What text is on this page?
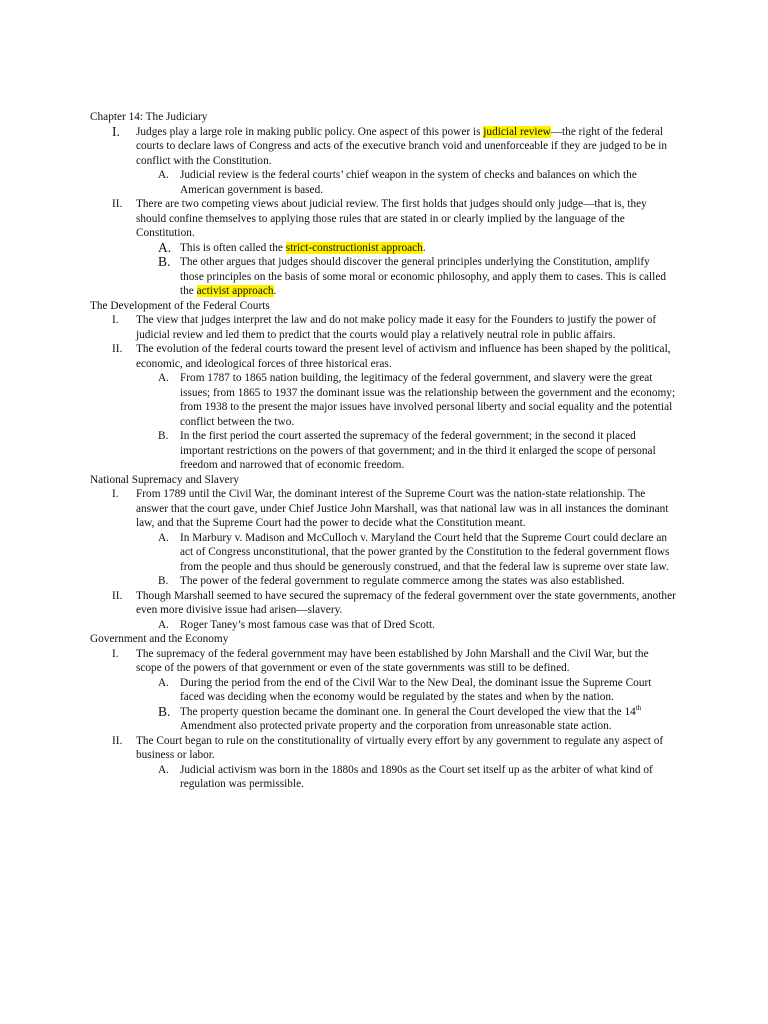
Chapter 14: The Judiciary
I.	Judges play a large role in making public policy. One aspect of this power is judicial review—the right of the federal courts to declare laws of Congress and acts of the executive branch void and unenforceable if they are judged to be in conflict with the Constitution.
A. Judicial review is the federal courts’ chief weapon in the system of checks and balances on which the American government is based.
II.	There are two competing views about judicial review. The first holds that judges should only judge—that is, they should confine themselves to applying those rules that are stated in or clearly implied by the language of the Constitution.
A. This is often called the strict-constructionist approach.
B. The other argues that judges should discover the general principles underlying the Constitution, amplify those principles on the basis of some moral or economic philosophy, and apply them to cases. This is called the activist approach.
The Development of the Federal Courts
I.	The view that judges interpret the law and do not make policy made it easy for the Founders to justify the power of judicial review and led them to predict that the courts would play a relatively neutral role in public affairs.
II.	The evolution of the federal courts toward the present level of activism and influence has been shaped by the political, economic, and ideological forces of three historical eras.
A. From 1787 to 1865 nation building, the legitimacy of the federal government, and slavery were the great issues; from 1865 to 1937 the dominant issue was the relationship between the government and the economy; from 1938 to the present the major issues have involved personal liberty and social equality and the potential conflict between the two.
B.	In the first period the court asserted the supremacy of the federal government; in the second it placed important restrictions on the powers of that government; and in the third it enlarged the scope of personal freedom and narrowed that of economic freedom.
National Supremacy and Slavery
I.	From 1789 until the Civil War, the dominant interest of the Supreme Court was the nation-state relationship. The answer that the court gave, under Chief Justice John Marshall, was that national law was in all instances the dominant law, and that the Supreme Court had the power to decide what the Constitution meant.
A. In Marbury v. Madison and McCulloch v. Maryland the Court held that the Supreme Court could declare an act of Congress unconstitutional, that the power granted by the Constitution to the federal government flows from the people and thus should be generously construed, and that the federal law is supreme over state law.
B.	The power of the federal government to regulate commerce among the states was also established.
II.	Though Marshall seemed to have secured the supremacy of the federal government over the state governments, another even more divisive issue had arisen—slavery.
A. Roger Taney’s most famous case was that of Dred Scott.
Government and the Economy
I.	The supremacy of the federal government may have been established by John Marshall and the Civil War, but the scope of the powers of that government or even of the state governments was still to be defined.
A. During the period from the end of the Civil War to the New Deal, the dominant issue the Supreme Court faced was deciding when the economy would be regulated by the states and when by the nation.
B. The property question became the dominant one. In general the Court developed the view that the 14th Amendment also protected private property and the corporation from unreasonable state action.
II.	The Court began to rule on the constitutionality of virtually every effort by any government to regulate any aspect of business or labor.
A. Judicial activism was born in the 1880s and 1890s as the Court set itself up as the arbiter of what kind of regulation was permissible.
